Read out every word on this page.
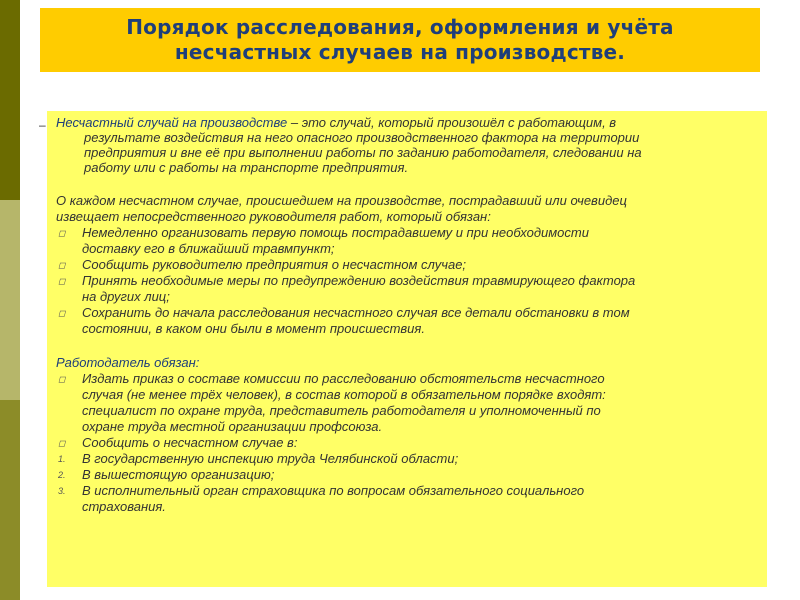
Порядок расследования, оформления и учёта
несчастных случаев на производстве.
– Несчастный случай на производстве – это случай, который произошёл с работающим, в
результате воздействия на него опасного производственного фактора на территории
предприятия и вне её при выполнении работы по заданию работодателя, следовании на
работу или с работы на транспорте предприятия.

О каждом несчастном случае, происшедшем на производстве, пострадавший или очевидец
извещает непосредственного руководителя работ, который обязан:

◻	Немедленно организовать первую помощь пострадавшему и при необходимости
доставку его в ближайший травмпункт;
◻	Сообщить руководителю предприятия о несчастном случае;
◻	Принять необходимые меры по предупреждению воздействия травмирующего фактора
на других лиц;
◻	Сохранить до начала расследования несчастного случая все детали обстановки в том
состоянии, в каком они были в момент происшествия.

Работодатель обязан:

◻	Издать приказ о составе комиссии по расследованию обстоятельств несчастного
случая (не менее трёх человек), в состав которой в обязательном порядке входят:
специалист по охране труда, представитель работодателя и уполномоченный по
охране труда местной организации профсоюза.
◻	Сообщить о несчастном случае в:
1.	В государственную инспекцию труда Челябинской области;
2.	В вышестоящую организацию;
3.	В исполнительный орган страховщика по вопросам обязательного социального
страхования.
